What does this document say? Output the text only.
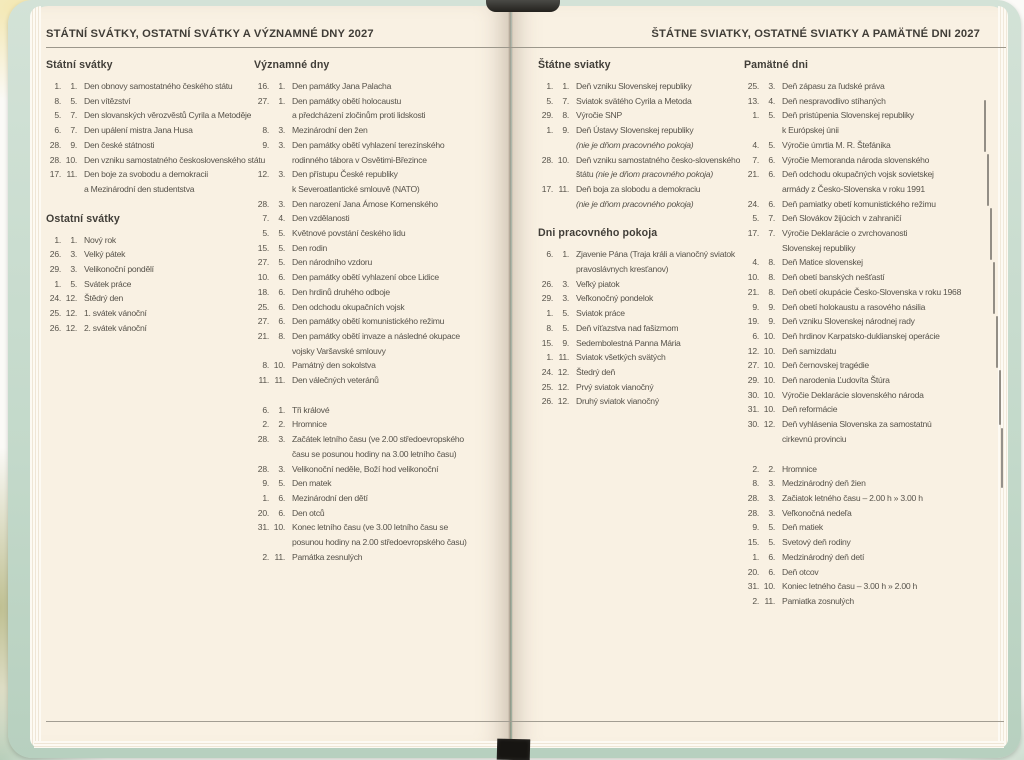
STÁTNÍ SVÁTKY, OSTATNÍ SVÁTKY A VÝZNAMNÉ DNY 2027
Státní svátky
1.	1. Den obnovy samostatného českého státu
8.	5. Den vítězství
5.	7. Den slovanských věrozvěstů Cyrila a Metoděje
6.	7. Den upálení mistra Jana Husa
28.	9. Den české státnosti
28. 10. Den vzniku samostatného československého státu
17. 11. Den boje za svobodu a demokracii
a Mezinárodní den studentstva
Ostatní svátky
1.	1. Nový rok
26.	3. Velký pátek
29.	3. Velikonoční pondělí
1.	5. Svátek práce
24. 12. Štědrý den
25. 12. 1. svátek vánoční
26. 12. 2. svátek vánoční
Významné dny
16.	1. Den památky Jana Palacha
27.	1. Den památky obětí holocaustu
a předcházení zločinům proti lidskosti
8.	3. Mezinárodní den žen
9.	3. Den památky obětí vyhlazení terezínského
rodinného tábora v Osvětimi-Březince
12.	3. Den přístupu České republiky
k Severoatlantické smlouvě (NATO)
28.	3. Den narození Jana Ámose Komenského
7.	4. Den vzdělanosti
5.	5. Květnové povstání českého lidu
15.	5. Den rodin
27.	5. Den národního vzdoru
10.	6. Den památky obětí vyhlazení obce Lidice
18.	6. Den hrdinů druhého odboje
25.	6. Den odchodu okupačních vojsk
27.	6. Den památky obětí komunistického režimu
21.	8. Den památky obětí invaze a následné okupace
vojsky Varšavské smlouvy
8. 10. Památný den sokolstva
11. 11. Den válečných veteránů
6.	1. Tři králové
2.	2. Hromnice
28.	3. Začátek letního času (ve 2.00 středoevropského
času se posunou hodiny na 3.00 letního času)
28.	3. Velikonoční neděle, Boží hod velikonoční
9.	5. Den matek
1.	6. Mezinárodní den dětí
20.	6. Den otců
31. 10. Konec letního času (ve 3.00 letního času se
posunou hodiny na 2.00 středoevropského času)
2. 11. Památka zesnulých
ŠTÁTNE SVIATKY, OSTATNÉ SVIATKY A PAMÄTNÉ DNI 2027
Štátne sviatky
1.	1. Deň vzniku Slovenskej republiky
5.	7. Sviatok svätého Cyrila a Metoda
29.	8. Výročie SNP
1.	9. Deň Ústavy Slovenskej republiky
(nie je dňom pracovného pokoja)
28. 10. Deň vzniku samostatného česko-slovenského
štátu (nie je dňom pracovného pokoja)
17. 11. Deň boja za slobodu a demokraciu
(nie je dňom pracovného pokoja)
Dni pracovného pokoja
6.	1. Zjavenie Pána (Traja králi a vianočný sviatok
pravoslávnych kresťanov)
26.	3. Veľký piatok
29.	3. Veľkonočný pondelok
1.	5. Sviatok práce
8.	5. Deň víťazstva nad fašizmom
15.	9. Sedembolestná Panna Mária
1. 11. Sviatok všetkých svätých
24. 12. Štedrý deň
25. 12. Prvý sviatok vianočný
26. 12. Druhý sviatok vianočný
Pamätné dni
25.	3. Deň zápasu za ľudské práva
13.	4. Deň nespravodlivo stíhaných
1.	5. Deň pristúpenia Slovenskej republiky
k Európskej únii
4.	5. Výročie úmrtia M. R. Štefánika
7.	6. Výročie Memoranda národa slovenského
21.	6. Deň odchodu okupačných vojsk sovietskej
armády z Česko-Slovenska v roku 1991
24.	6. Deň pamiatky obetí komunistického režimu
5.	7. Deň Slovákov žijúcich v zahraničí
17.	7. Výročie Deklarácie o zvrchovanosti
Slovenskej republiky
4.	8. Deň Matice slovenskej
10.	8. Deň obetí banských nešťastí
21.	8. Deň obetí okupácie Česko-Slovenska v roku 1968
9.	9. Deň obetí holokaustu a rasového násilia
19.	9. Deň vzniku Slovenskej národnej rady
6. 10. Deň hrdinov Karpatsko-duklianskej operácie
12. 10. Deň samizdatu
27. 10. Deň černovskej tragédie
29. 10. Deň narodenia Ľudovíta Štúra
30. 10. Výročie Deklarácie slovenského národa
31. 10. Deň reformácie
30. 12. Deň vyhlásenia Slovenska za samostatnú
cirkevnú provinciu
2.	2. Hromnice
8.	3. Medzinárodný deň žien
28.	3. Začiatok letného času – 2.00 h » 3.00 h
28.	3. Veľkonočná nedeľa
9.	5. Deň matiek
15.	5. Svetový deň rodiny
1.	6. Medzinárodný deň detí
20.	6. Deň otcov
31. 10. Koniec letného času – 3.00 h » 2.00 h
2. 11. Pamiatka zosnulých
